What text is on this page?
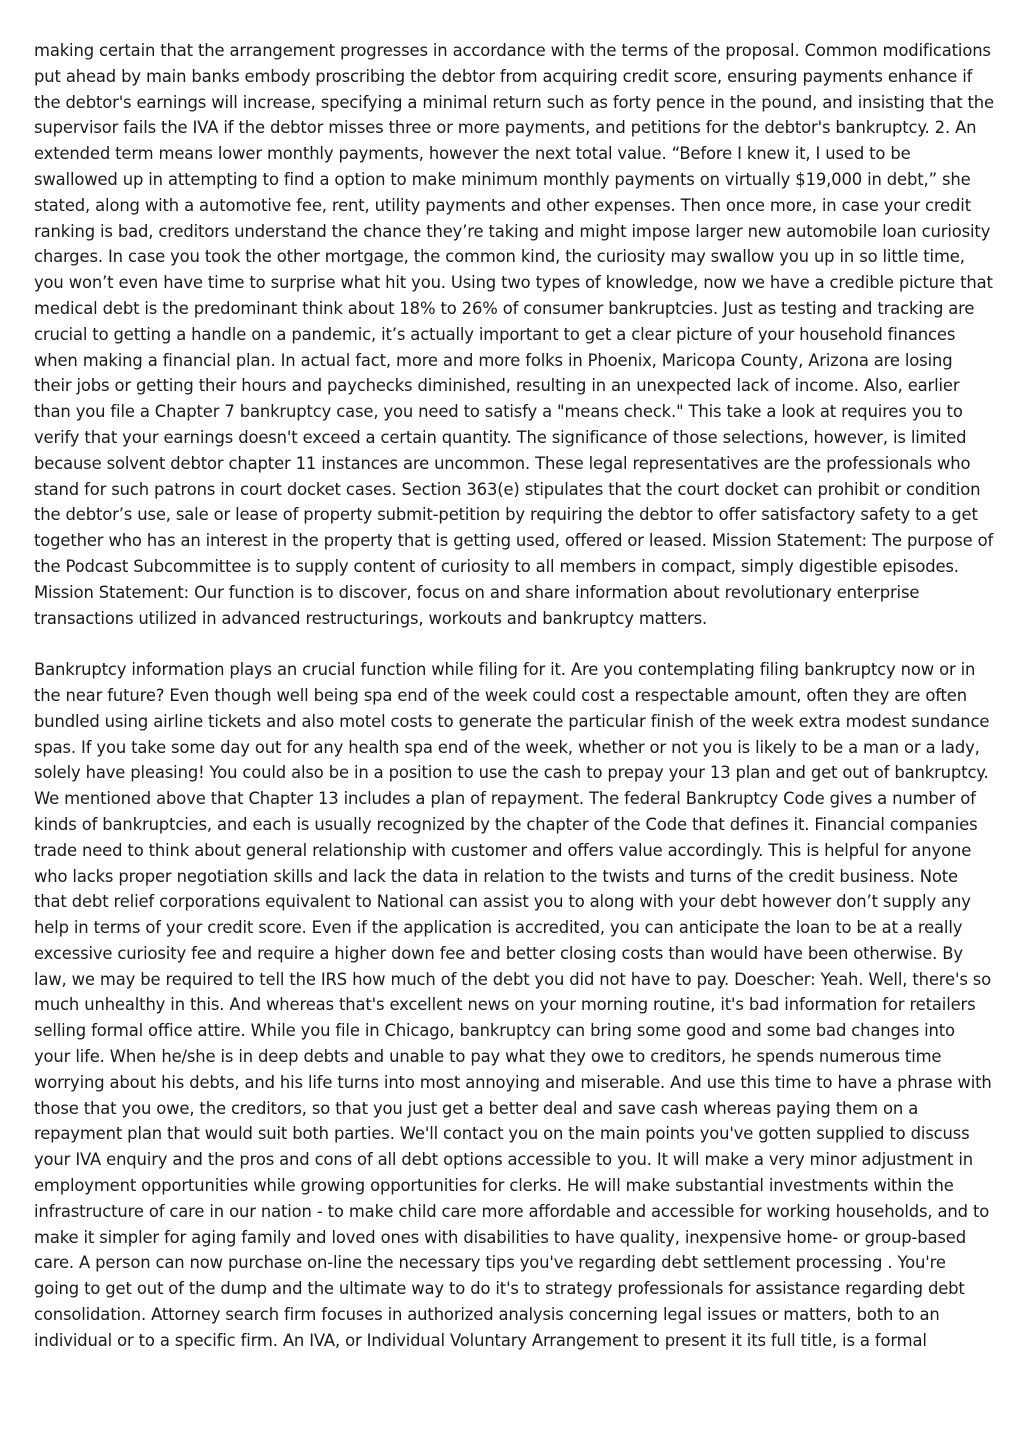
making certain that the arrangement progresses in accordance with the terms of the proposal. Common modifications put ahead by main banks embody proscribing the debtor from acquiring credit score, ensuring payments enhance if the debtor's earnings will increase, specifying a minimal return such as forty pence in the pound, and insisting that the supervisor fails the IVA if the debtor misses three or more payments, and petitions for the debtor's bankruptcy. 2. An extended term means lower monthly payments, however the next total value. “Before I knew it, I used to be swallowed up in attempting to find a option to make minimum monthly payments on virtually $19,000 in debt,” she stated, along with a automotive fee, rent, utility payments and other expenses. Then once more, in case your credit ranking is bad, creditors understand the chance they’re taking and might impose larger new automobile loan curiosity charges. In case you took the other mortgage, the common kind, the curiosity may swallow you up in so little time, you won’t even have time to surprise what hit you. Using two types of knowledge, now we have a credible picture that medical debt is the predominant think about 18% to 26% of consumer bankruptcies. Just as testing and tracking are crucial to getting a handle on a pandemic, it’s actually important to get a clear picture of your household finances when making a financial plan. In actual fact, more and more folks in Phoenix, Maricopa County, Arizona are losing their jobs or getting their hours and paychecks diminished, resulting in an unexpected lack of income. Also, earlier than you file a Chapter 7 bankruptcy case, you need to satisfy a "means check." This take a look at requires you to verify that your earnings doesn't exceed a certain quantity. The significance of those selections, however, is limited because solvent debtor chapter 11 instances are uncommon. These legal representatives are the professionals who stand for such patrons in court docket cases. Section 363(e) stipulates that the court docket can prohibit or condition the debtor’s use, sale or lease of property submit-petition by requiring the debtor to offer satisfactory safety to a get together who has an interest in the property that is getting used, offered or leased. Mission Statement: The purpose of the Podcast Subcommittee is to supply content of curiosity to all members in compact, simply digestible episodes. Mission Statement: Our function is to discover, focus on and share information about revolutionary enterprise transactions utilized in advanced restructurings, workouts and bankruptcy matters.

Bankruptcy information plays an crucial function while filing for it. Are you contemplating filing bankruptcy now or in the near future? Even though well being spa end of the week could cost a respectable amount, often they are often bundled using airline tickets and also motel costs to generate the particular finish of the week extra modest sundance spas. If you take some day out for any health spa end of the week, whether or not you is likely to be a man or a lady, solely have pleasing! You could also be in a position to use the cash to prepay your 13 plan and get out of bankruptcy. We mentioned above that Chapter 13 includes a plan of repayment. The federal Bankruptcy Code gives a number of kinds of bankruptcies, and each is usually recognized by the chapter of the Code that defines it. Financial companies trade need to think about general relationship with customer and offers value accordingly. This is helpful for anyone who lacks proper negotiation skills and lack the data in relation to the twists and turns of the credit business. Note that debt relief corporations equivalent to National can assist you to along with your debt however don’t supply any help in terms of your credit score. Even if the application is accredited, you can anticipate the loan to be at a really excessive curiosity fee and require a higher down fee and better closing costs than would have been otherwise. By law, we may be required to tell the IRS how much of the debt you did not have to pay. Doescher: Yeah. Well, there's so much unhealthy in this. And whereas that's excellent news on your morning routine, it's bad information for retailers selling formal office attire. While you file in Chicago, bankruptcy can bring some good and some bad changes into your life. When he/she is in deep debts and unable to pay what they owe to creditors, he spends numerous time worrying about his debts, and his life turns into most annoying and miserable. And use this time to have a phrase with those that you owe, the creditors, so that you just get a better deal and save cash whereas paying them on a repayment plan that would suit both parties. We'll contact you on the main points you've gotten supplied to discuss your IVA enquiry and the pros and cons of all debt options accessible to you. It will make a very minor adjustment in employment opportunities while growing opportunities for clerks. He will make substantial investments within the infrastructure of care in our nation - to make child care more affordable and accessible for working households, and to make it simpler for aging family and loved ones with disabilities to have quality, inexpensive home- or group-based care. A person can now purchase on-line the necessary tips you've regarding debt settlement processing . You're going to get out of the dump and the ultimate way to do it's to strategy professionals for assistance regarding debt consolidation. Attorney search firm focuses in authorized analysis concerning legal issues or matters, both to an individual or to a specific firm. An IVA, or Individual Voluntary Arrangement to present it its full title, is a formal
